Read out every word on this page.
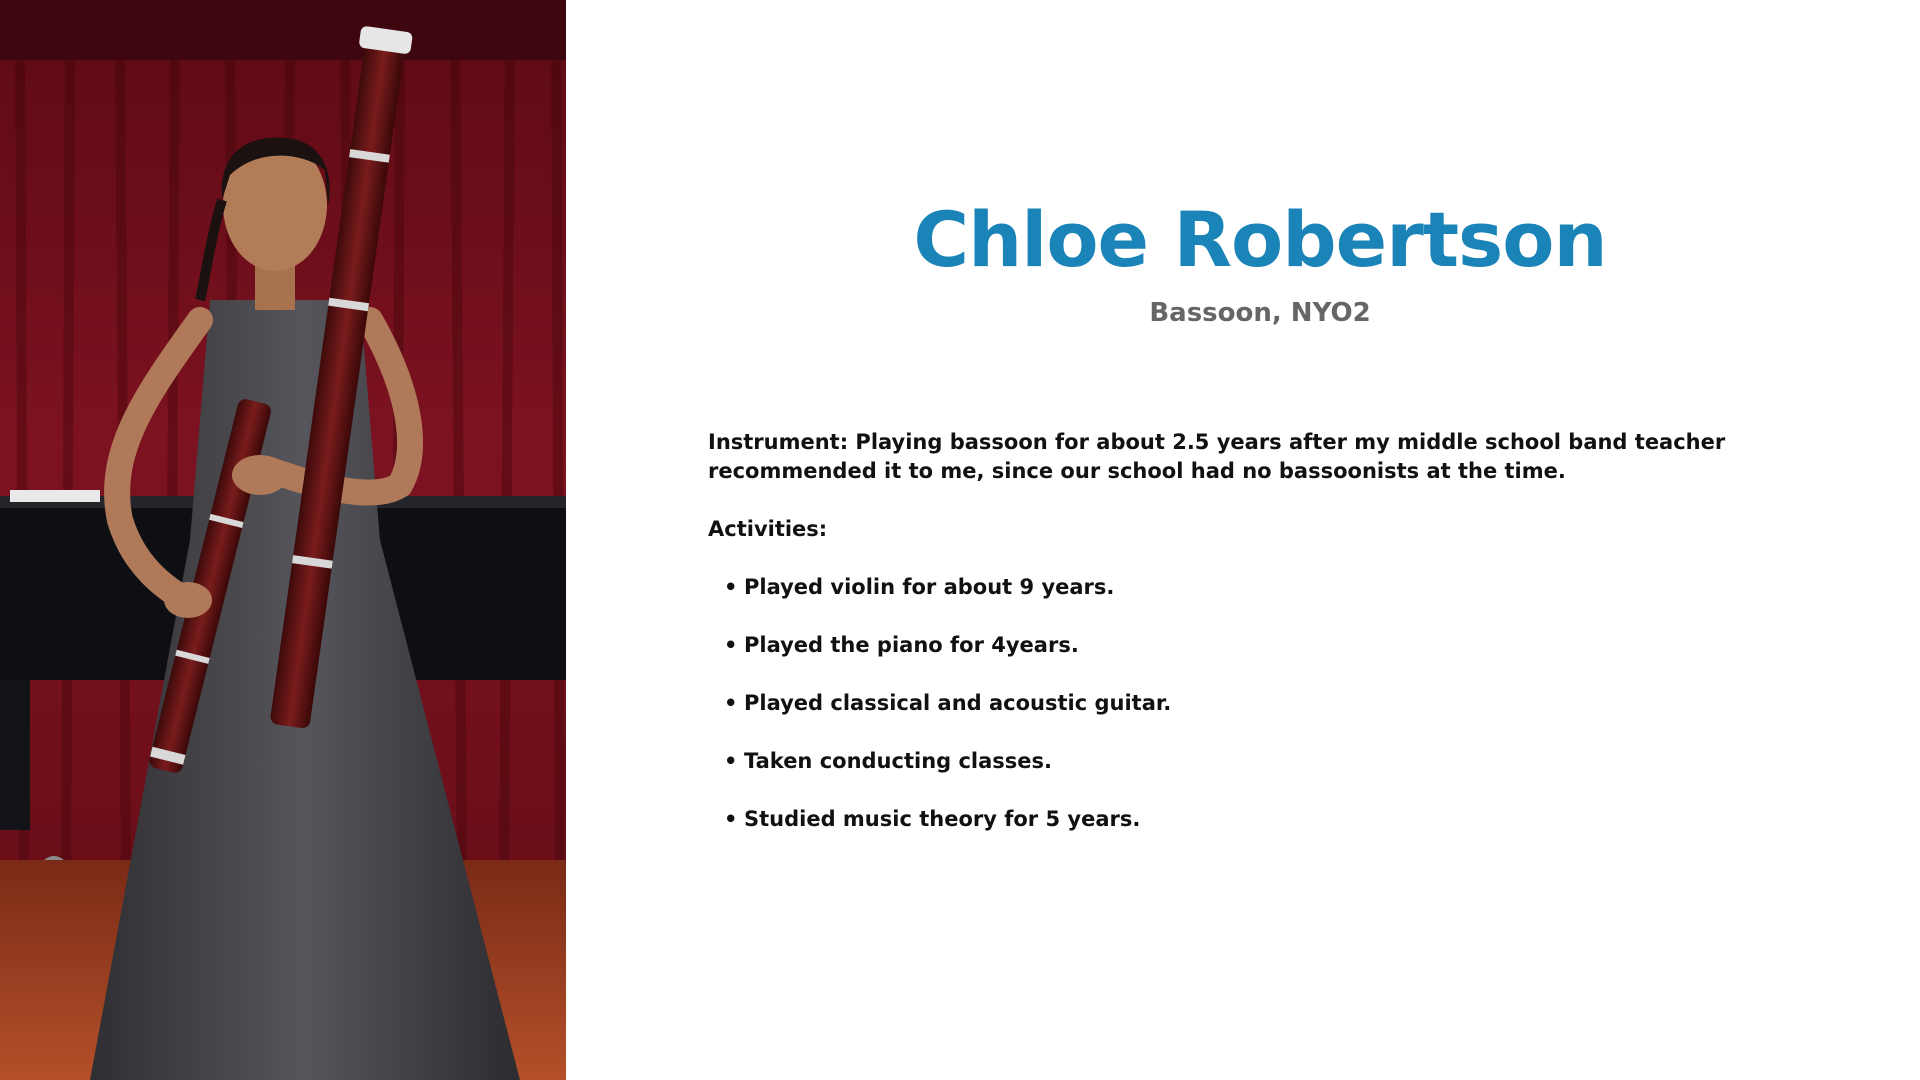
Chloe Robertson

Bassoon, NYO2

Instrument: Playing bassoon for about 2.5 years after my middle school band teacher recommended it to me, since our school had no bassoonists at the time.

Activities:

• Played violin for about 9 years.
• Played the piano for 4years.
• Played classical and acoustic guitar.
• Taken conducting classes.
• Studied music theory for 5 years.
